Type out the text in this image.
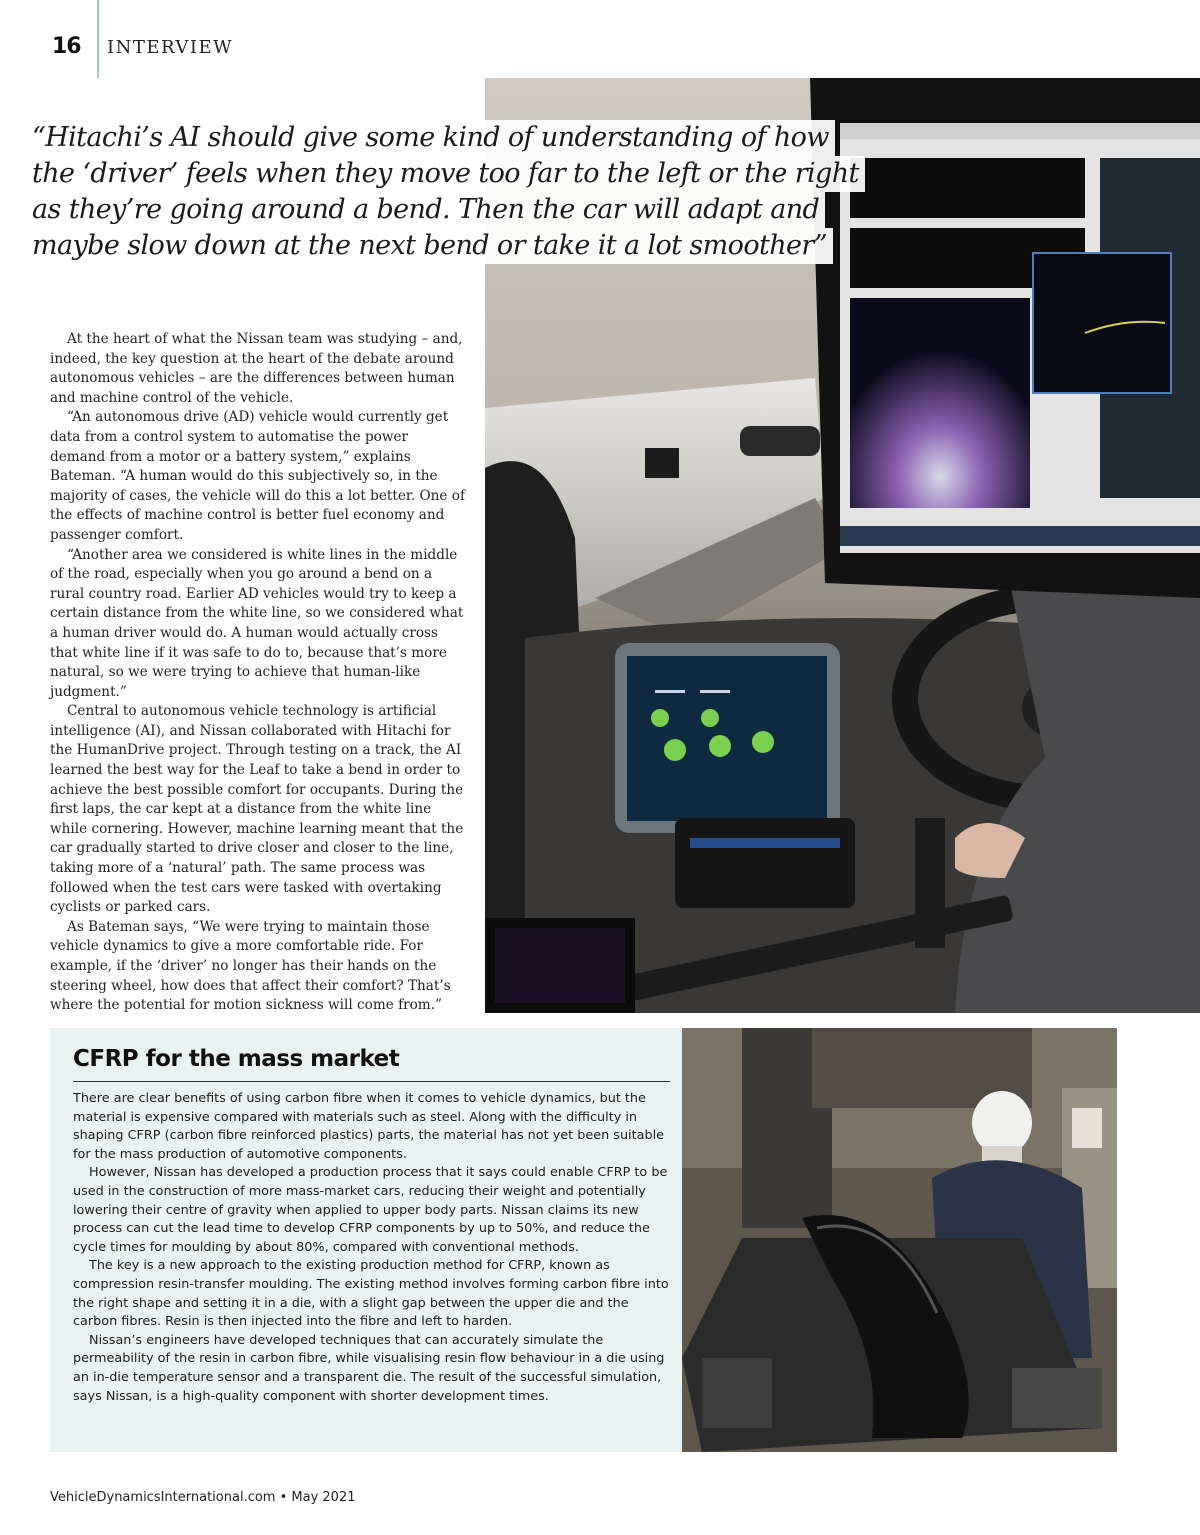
16 INTERVIEW
“Hitachi’s AI should give some kind of understanding of how
the ‘driver’ feels when they move too far to the left or the right
as they’re going around a bend. Then the car will adapt and
maybe slow down at the next bend or take it a lot smoother”

At the heart of what the Nissan team was studying – and, indeed, the key question at the heart of the debate around autonomous vehicles – are the differences between human and machine control of the vehicle.

“An autonomous drive (AD) vehicle would currently get data from a control system to automatise the power demand from a motor or a battery system,” explains Bateman. “A human would do this subjectively so, in the majority of cases, the vehicle will do this a lot better. One of the effects of machine control is better fuel economy and passenger comfort.

“Another area we considered is white lines in the middle of the road, especially when you go around a bend on a rural country road. Earlier AD vehicles would try to keep a certain distance from the white line, so we considered what a human driver would do. A human would actually cross that white line if it was safe to do to, because that’s more natural, so we were trying to achieve that human-like judgment.”

Central to autonomous vehicle technology is artificial intelligence (AI), and Nissan collaborated with Hitachi for the HumanDrive project. Through testing on a track, the AI learned the best way for the Leaf to take a bend in order to achieve the best possible comfort for occupants. During the first laps, the car kept at a distance from the white line while cornering. However, machine learning meant that the car gradually started to drive closer and closer to the line, taking more of a ‘natural’ path. The same process was followed when the test cars were tasked with overtaking cyclists or parked cars.

As Bateman says, “We were trying to maintain those vehicle dynamics to give a more comfortable ride. For example, if the ‘driver’ no longer has their hands on the steering wheel, how does that affect their comfort? That’s where the potential for motion sickness will come from.”

CFRP for the mass market

There are clear benefits of using carbon fibre when it comes to vehicle dynamics, but the material is expensive compared with materials such as steel. Along with the difficulty in shaping CFRP (carbon fibre reinforced plastics) parts, the material has not yet been suitable for the mass production of automotive components.

However, Nissan has developed a production process that it says could enable CFRP to be used in the construction of more mass-market cars, reducing their weight and potentially lowering their centre of gravity when applied to upper body parts. Nissan claims its new process can cut the lead time to develop CFRP components by up to 50%, and reduce the cycle times for moulding by about 80%, compared with conventional methods.

The key is a new approach to the existing production method for CFRP, known as compression resin-transfer moulding. The existing method involves forming carbon fibre into the right shape and setting it in a die, with a slight gap between the upper die and the carbon fibres. Resin is then injected into the fibre and left to harden.

Nissan’s engineers have developed techniques that can accurately simulate the permeability of the resin in carbon fibre, while visualising resin flow behaviour in a die using an in-die temperature sensor and a transparent die. The result of the successful simulation, says Nissan, is a high-quality component with shorter development times.

VehicleDynamicsInternational.com • May 2021
